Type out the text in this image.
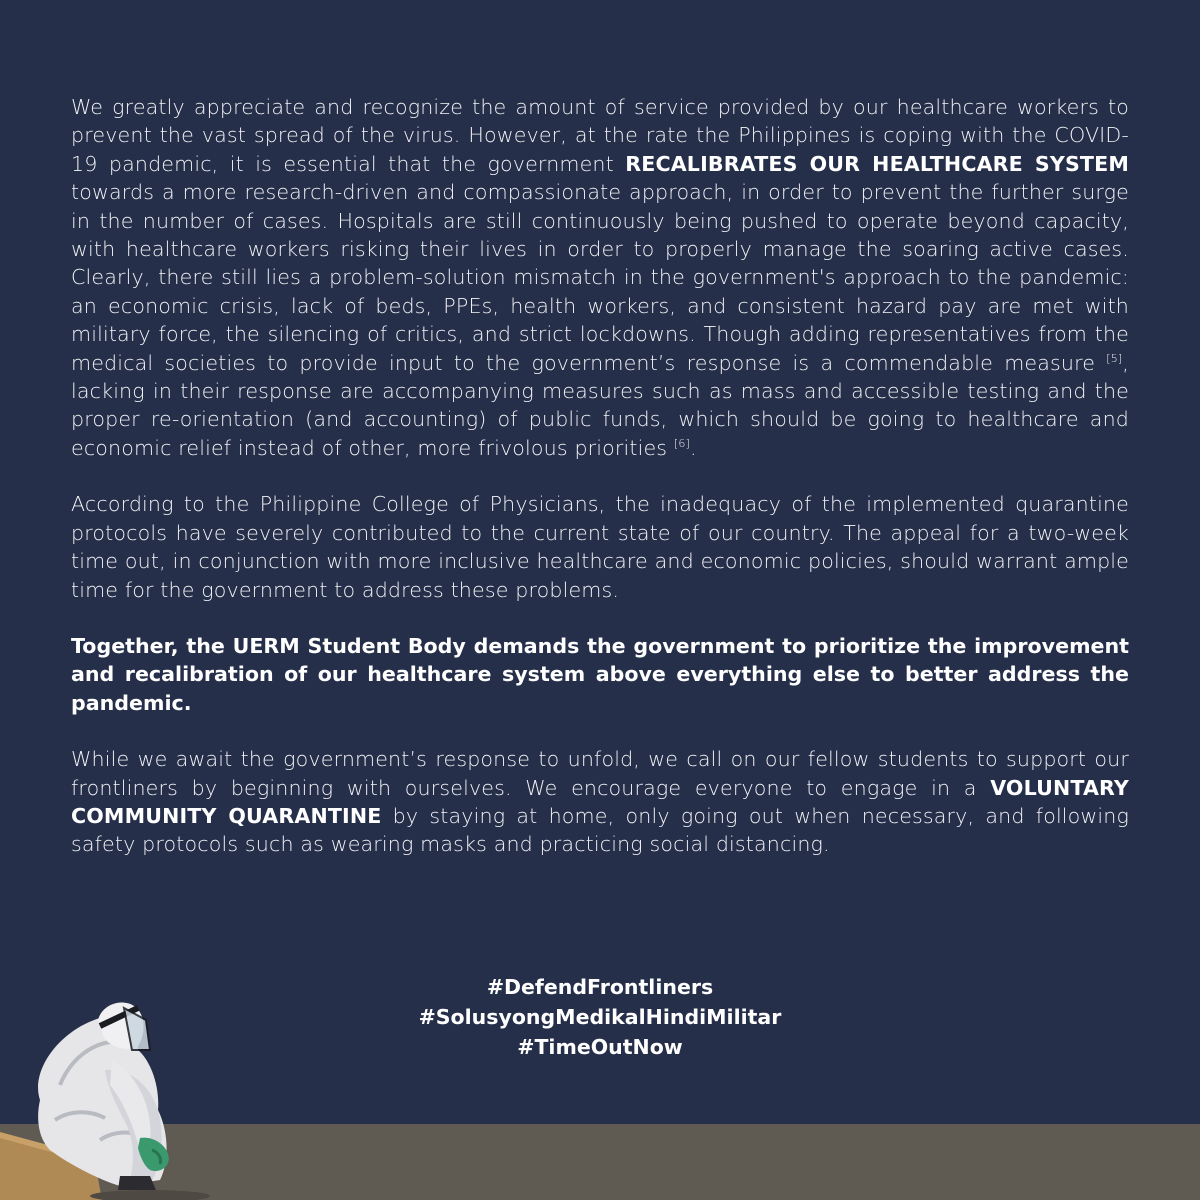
We greatly appreciate and recognize the amount of service provided by our healthcare workers to prevent the vast spread of the virus. However, at the rate the Philippines is coping with the COVID-19 pandemic, it is essential that the government RECALIBRATES OUR HEALTHCARE SYSTEM towards a more research-driven and compassionate approach, in order to prevent the further surge in the number of cases. Hospitals are still continuously being pushed to operate beyond capacity, with healthcare workers risking their lives in order to properly manage the soaring active cases. Clearly, there still lies a problem-solution mismatch in the government's approach to the pandemic: an economic crisis, lack of beds, PPEs, health workers, and consistent hazard pay are met with military force, the silencing of critics, and strict lockdowns. Though adding representatives from the medical societies to provide input to the government’s response is a commendable measure [5], lacking in their response are accompanying measures such as mass and accessible testing and the proper re-orientation (and accounting) of public funds, which should be going to healthcare and economic relief instead of other, more frivolous priorities [6].

According to the Philippine College of Physicians, the inadequacy of the implemented quarantine protocols have severely contributed to the current state of our country. The appeal for a two-week time out, in conjunction with more inclusive healthcare and economic policies, should warrant ample time for the government to address these problems.

Together, the UERM Student Body demands the government to prioritize the improvement and recalibration of our healthcare system above everything else to better address the pandemic.

While we await the government’s response to unfold, we call on our fellow students to support our frontliners by beginning with ourselves. We encourage everyone to engage in a VOLUNTARY COMMUNITY QUARANTINE by staying at home, only going out when necessary, and following safety protocols such as wearing masks and practicing social distancing.

#DefendFrontliners
#SolusyongMedikalHindiMilitar
#TimeOutNow
